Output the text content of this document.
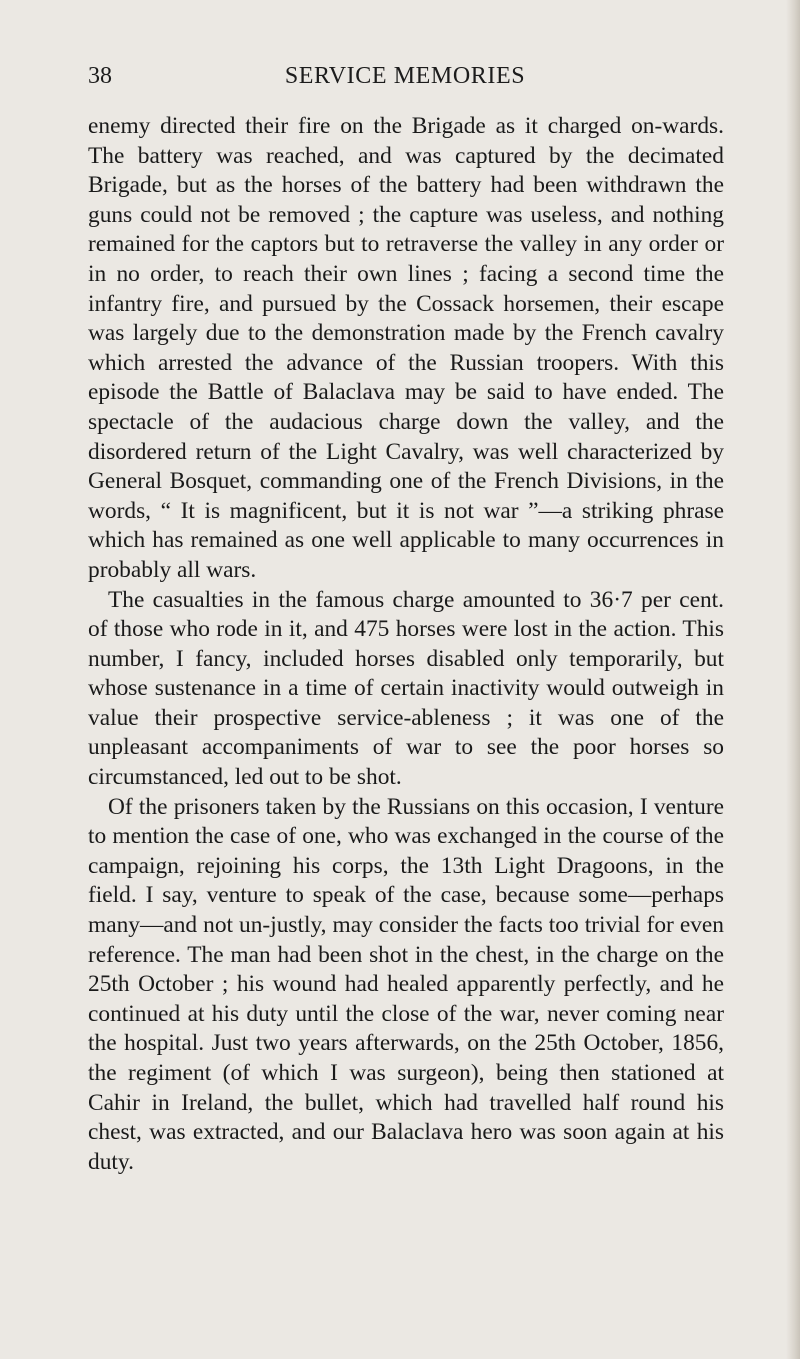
38	SERVICE MEMORIES

enemy directed their fire on the Brigade as it charged on-wards. The battery was reached, and was captured by the decimated Brigade, but as the horses of the battery had been withdrawn the guns could not be removed ; the capture was useless, and nothing remained for the captors but to retraverse the valley in any order or in no order, to reach their own lines ; facing a second time the infantry fire, and pursued by the Cossack horsemen, their escape was largely due to the demonstration made by the French cavalry which arrested the advance of the Russian troopers. With this episode the Battle of Balaclava may be said to have ended. The spectacle of the audacious charge down the valley, and the disordered return of the Light Cavalry, was well characterized by General Bosquet, commanding one of the French Divisions, in the words, “ It is magnificent, but it is not war ”—a striking phrase which has remained as one well applicable to many occurrences in probably all wars.

The casualties in the famous charge amounted to 36·7 per cent. of those who rode in it, and 475 horses were lost in the action. This number, I fancy, included horses disabled only temporarily, but whose sustenance in a time of certain inactivity would outweigh in value their prospective service-ableness ; it was one of the unpleasant accompaniments of war to see the poor horses so circumstanced, led out to be shot.

Of the prisoners taken by the Russians on this occasion, I venture to mention the case of one, who was exchanged in the course of the campaign, rejoining his corps, the 13th Light Dragoons, in the field. I say, venture to speak of the case, because some—perhaps many—and not un-justly, may consider the facts too trivial for even reference. The man had been shot in the chest, in the charge on the 25th October ; his wound had healed apparently perfectly, and he continued at his duty until the close of the war, never coming near the hospital. Just two years afterwards, on the 25th October, 1856, the regiment (of which I was surgeon), being then stationed at Cahir in Ireland, the bullet, which had travelled half round his chest, was extracted, and our Balaclava hero was soon again at his duty.
